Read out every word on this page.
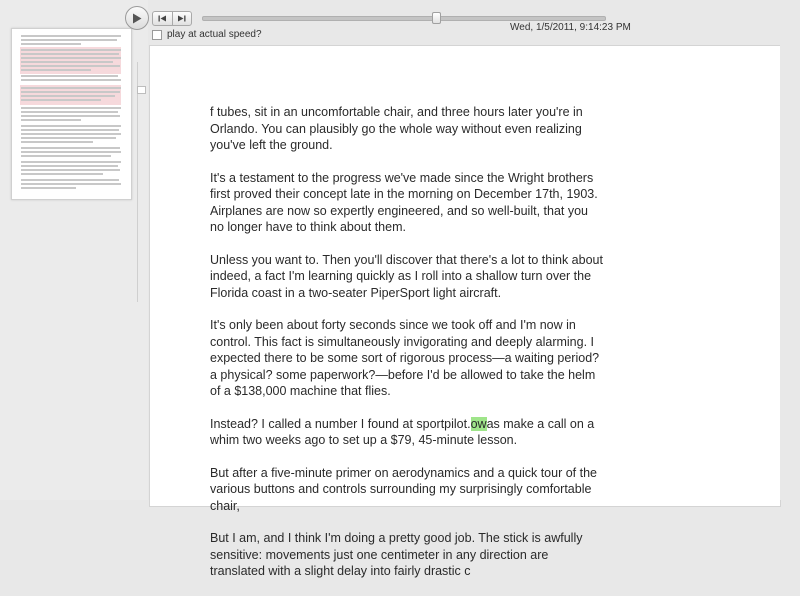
play at actual speed?
Wed, 1/5/2011, 9:14:23 PM

f tubes, sit in an uncomfortable chair, and three hours later you're in Orlando. You can plausibly go the whole way without even realizing you've left the ground.

It's a testament to the progress we've made since the Wright brothers first proved their concept late in the morning on December 17th, 1903. Airplanes are now so expertly engineered, and so well-built, that you no longer have to think about them.

Unless you want to. Then you'll discover that there's a lot to think about indeed, a fact I'm learning quickly as I roll into a shallow turn over the Florida coast in a two-seater PiperSport light aircraft.

It's only been about forty seconds since we took off and I'm now in control. This fact is simultaneously invigorating and deeply alarming. I expected there to be some sort of rigorous process—a waiting period? a physical? some paperwork?—before I'd be allowed to take the helm of a $138,000 machine that flies.

Instead? I called a number I found at sportpilot.owas make a call on a whim two weeks ago to set up a $79, 45-minute lesson.

But after a five-minute primer on aerodynamics and a quick tour of the various buttons and controls surrounding my surprisingly comfortable chair,

But I am, and I think I'm doing a pretty good job. The stick is awfully sensitive: movements just one centimeter in any direction are translated with a slight delay into fairly drastic c
